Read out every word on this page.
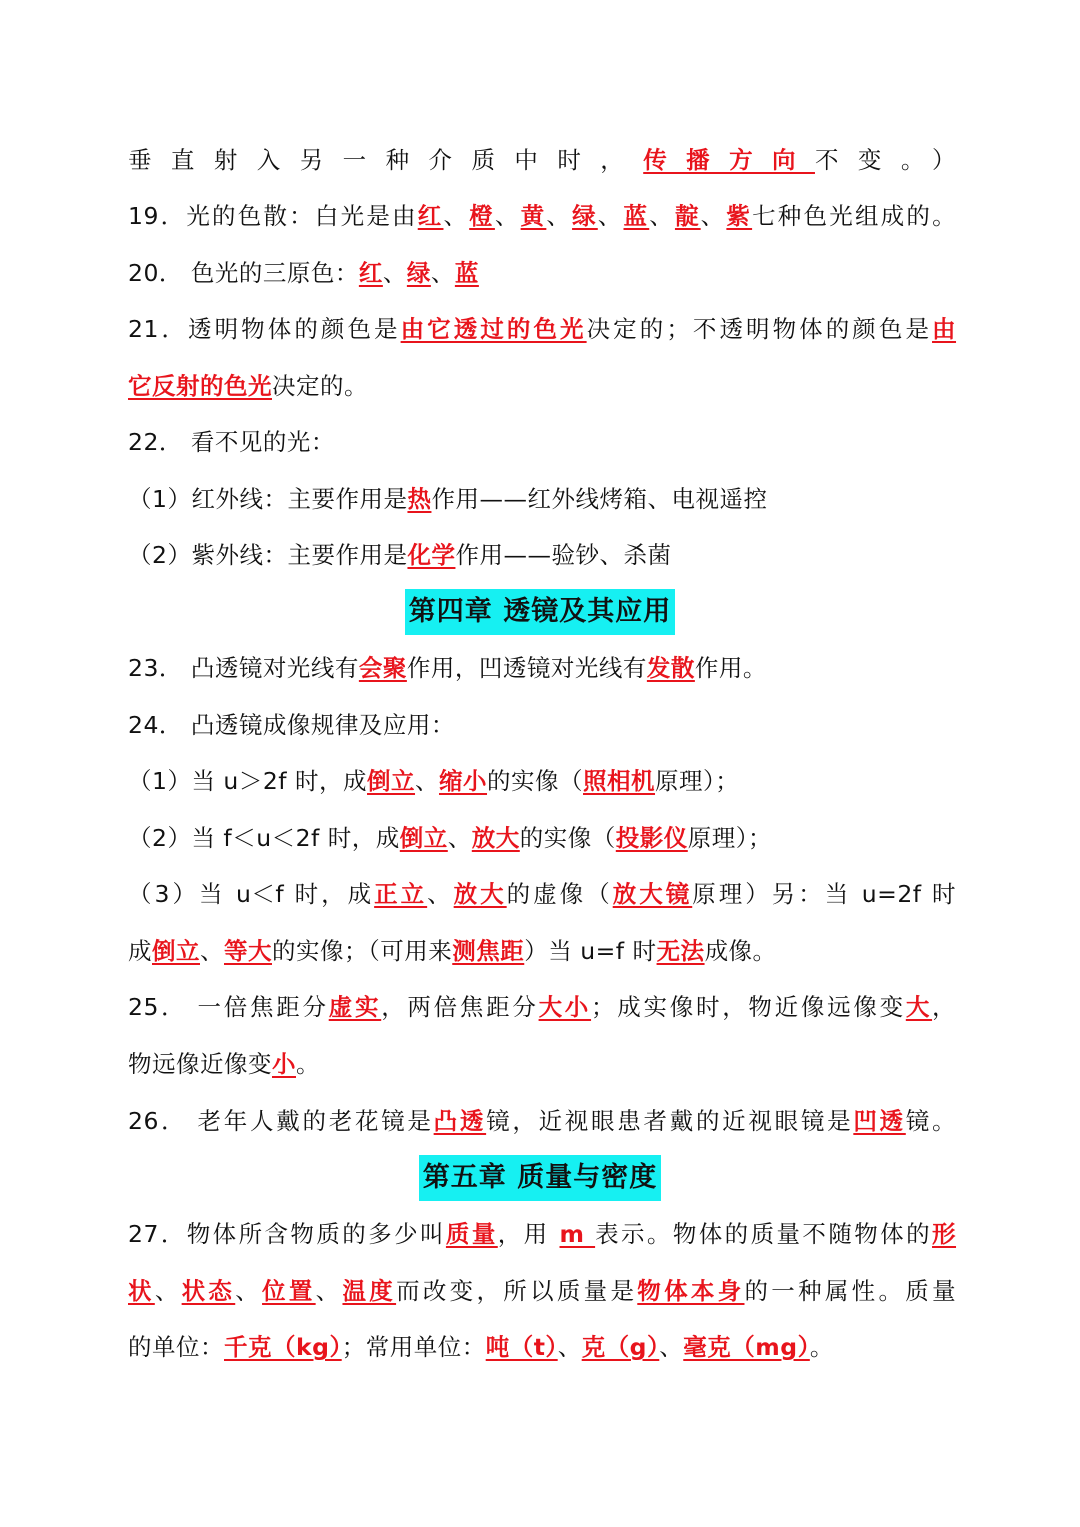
垂直射入另一种介质中时，传播方向不变。）
19．光的色散：白光是由红、橙、黄、绿、蓝、靛、紫七种色光组成的。
20． 色光的三原色：红、绿、蓝
21．透明物体的颜色是由它透过的色光决定的；不透明物体的颜色是由
它反射的色光决定的。
22． 看不见的光：
（1）红外线：主要作用是热作用——红外线烤箱、电视遥控
（2）紫外线：主要作用是化学作用——验钞、杀菌
第四章 透镜及其应用
23． 凸透镜对光线有会聚作用，凹透镜对光线有发散作用。
24． 凸透镜成像规律及应用：
（1）当 u＞2f 时，成倒立、缩小的实像（照相机原理）；
（2）当 f＜u＜2f 时，成倒立、放大的实像（投影仪原理）；
（3）当 u＜f 时，成正立、放大的虚像（放大镜原理）另：当 u=2f 时
成倒立、等大的实像；（可用来测焦距）当 u=f 时无法成像。
25． 一倍焦距分虚实，两倍焦距分大小；成实像时，物近像远像变大，
物远像近像变小。
26． 老年人戴的老花镜是凸透镜，近视眼患者戴的近视眼镜是凹透镜。
第五章 质量与密度
27．物体所含物质的多少叫质量，用 m 表示。物体的质量不随物体的形
状、状态、位置、温度而改变，所以质量是物体本身的一种属性。质量
的单位：千克（kg）；常用单位：吨（t）、克（g）、毫克（mg）。
